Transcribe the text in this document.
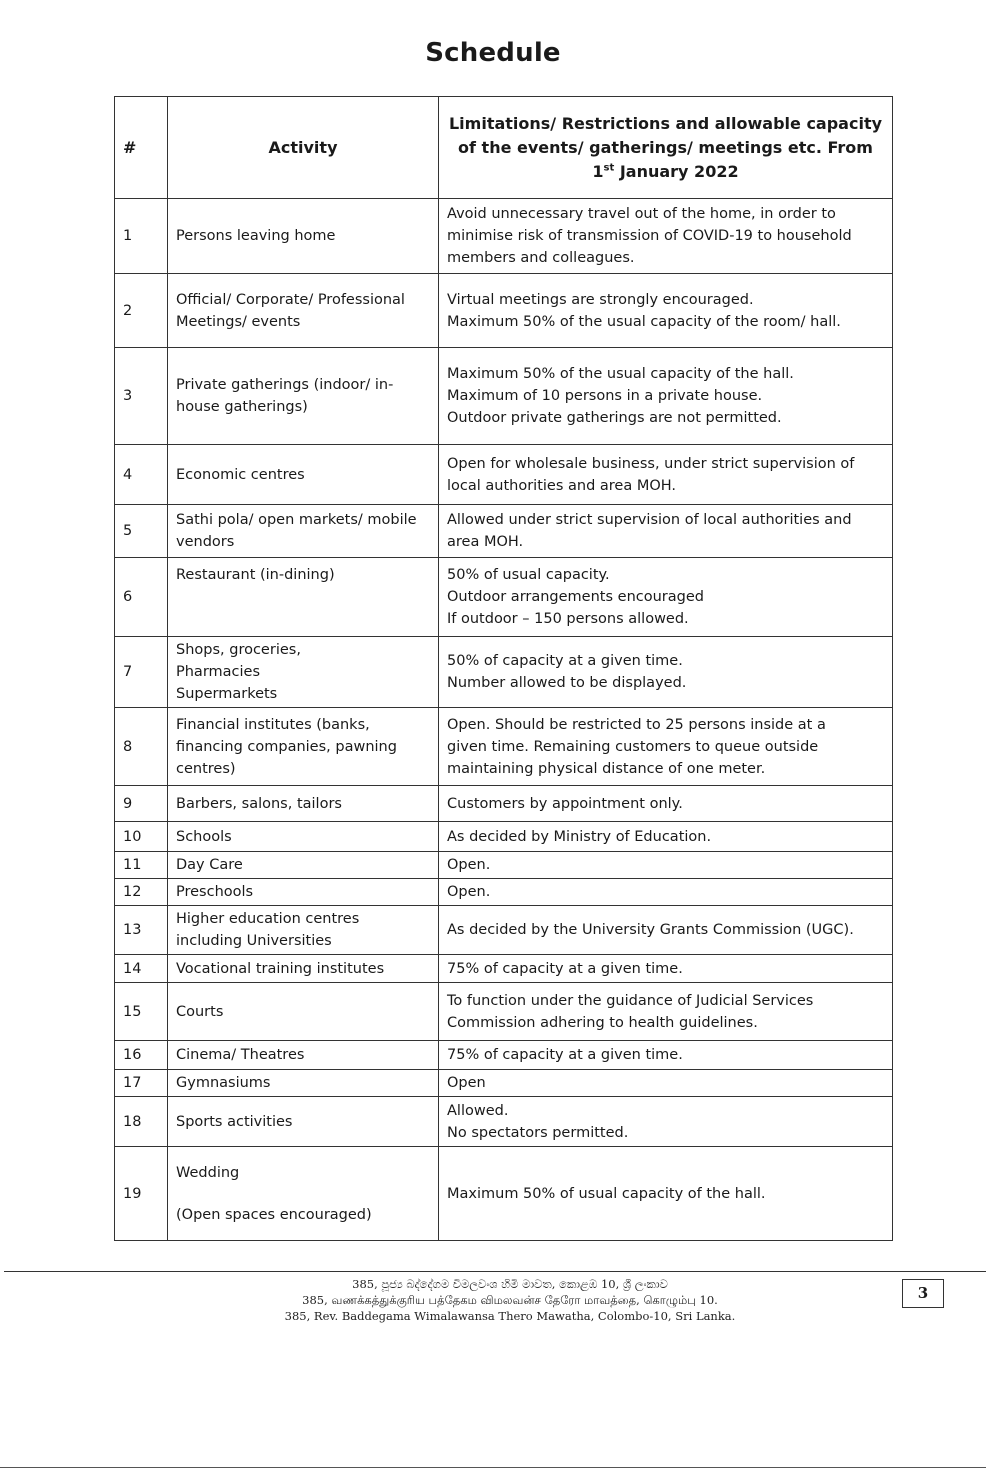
Schedule
#	Activity	Limitations/ Restrictions and allowable capacity of the events/ gatherings/ meetings etc. From 1st January 2022
1	Persons leaving home	Avoid unnecessary travel out of the home, in order to
minimise risk of transmission of COVID-19 to household
members and colleagues.

2	Official/ Corporate/ Professional
Meetings/ events	Virtual meetings are strongly encouraged.
Maximum 50% of the usual capacity of the room/ hall.

3	Private gatherings (indoor/ in-
house gatherings)	Maximum 50% of the usual capacity of the hall.
Maximum of 10 persons in a private house.
Outdoor private gatherings are not permitted.

4	Economic centres	Open for wholesale business, under strict supervision of
local authorities and area MOH.

5	Sathi pola/ open markets/ mobile
vendors	Allowed under strict supervision of local authorities and
area MOH.

6	Restaurant (in-dining)	50% of usual capacity.
Outdoor arrangements encouraged
If outdoor – 150 persons allowed.

7	Shops, groceries,
Pharmacies
Supermarkets	50% of capacity at a given time.
Number allowed to be displayed.

8	Financial institutes (banks,
financing companies, pawning
centres)	Open. Should be restricted to 25 persons inside at a
given time. Remaining customers to queue outside
maintaining physical distance of one meter.

9	Barbers, salons, tailors	Customers by appointment only.

10	Schools	As decided by Ministry of Education.

11	Day Care	Open.

12	Preschools	Open.

13	Higher education centres
including Universities	As decided by the University Grants Commission (UGC).

14	Vocational training institutes	75% of capacity at a given time.

15	Courts	To function under the guidance of Judicial Services
Commission adhering to health guidelines.

16	Cinema/ Theatres	75% of capacity at a given time.

17	Gymnasiums	Open

18	Sports activities	Allowed.
No spectators permitted.

19	Wedding
(Open spaces encouraged)	Maximum 50% of usual capacity of the hall.
385, පූජ්‍ය බද්දේගම විමලවංශ හිමි මාවත, කොළඹ 10, ශ්‍රී ලංකාව
385, வணக்கத்துக்குரிய பத்தேகம விமலவன்ச தேரோ மாவத்தை, கொழும்பு 10.
385, Rev. Baddegama Wimalawansa Thero Mawatha, Colombo-10, Sri Lanka.
3
